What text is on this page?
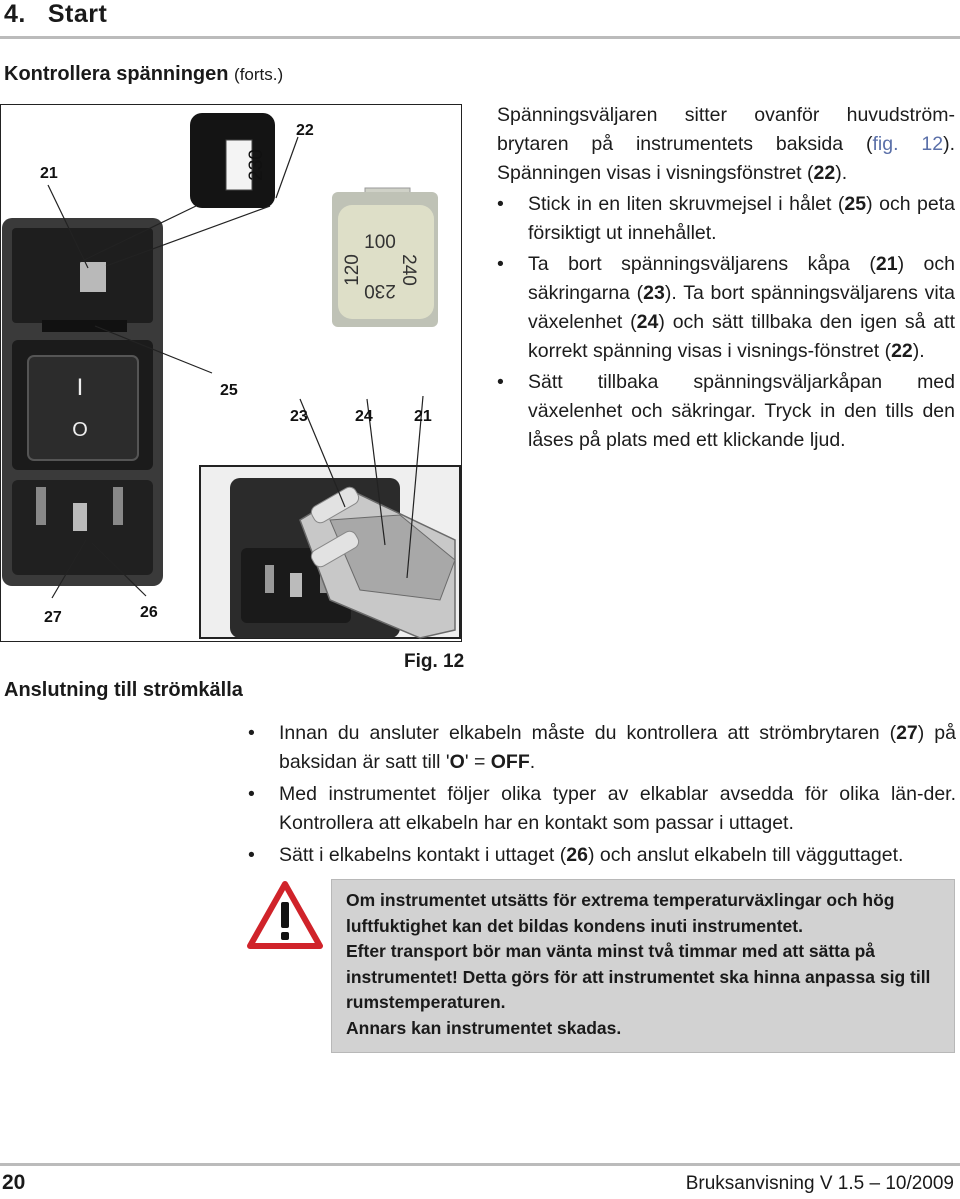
4. Start
Kontrollera spänningen (forts.)
I
O
230
100
120 240
230
21
22
25
23	24	21
27	26

Spänningsväljaren sitter ovanför huvudström-brytaren på instrumentets baksida (fig. 12). Spänningen visas i visningsfönstret (22).

• Stick in en liten skruvmejsel i hålet (25) och peta försiktigt ut innehållet.
• Ta bort spänningsväljarens kåpa (21) och säkringarna (23). Ta bort spänningsväljarens vita växelenhet (24) och sätt tillbaka den igen så att korrekt spänning visas i visnings-fönstret (22).
• Sätt tillbaka spänningsväljarkåpan med växelenhet och säkringar. Tryck in den tills den låses på plats med ett klickande ljud.
Fig. 12
Anslutning till strömkälla
• Innan du ansluter elkabeln måste du kontrollera att strömbrytaren (27) på baksidan är satt till 'O' = OFF.
• Med instrumentet följer olika typer av elkablar avsedda för olika län-der. Kontrollera att elkabeln har en kontakt som passar i uttaget.
• Sätt i elkabelns kontakt i uttaget (26) och anslut elkabeln till vägguttaget.

Om instrumentet utsätts för extrema temperaturväxlingar och hög luftfuktighet kan det bildas kondens inuti instrumentet.

Efter transport bör man vänta minst två timmar med att sätta på instrumentet! Detta görs för att instrumentet ska hinna anpassa sig till rumstemperaturen.

Annars kan instrumentet skadas.

20	Bruksanvisning V 1.5 – 10/2009
